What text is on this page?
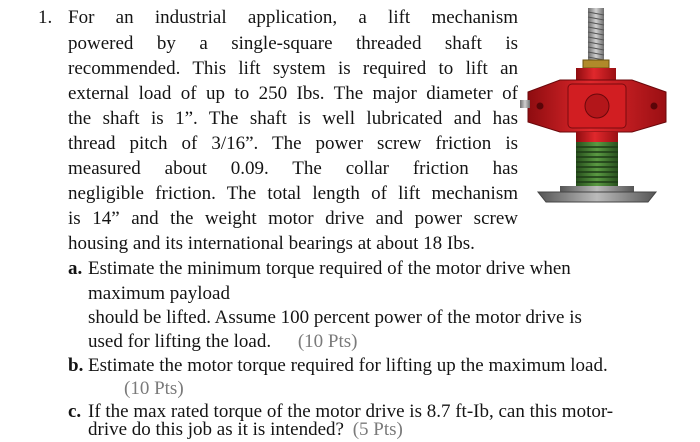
1. For an industrial application, a lift mechanism
powered by a single-square threaded shaft is
recommended. This lift system is required to lift an
external load of up to 250 Ibs. The major diameter of
the shaft is 1”. The shaft is well lubricated and has
thread pitch of 3/16”. The power screw friction is
measured about 0.09. The collar friction has
negligible friction. The total length of lift mechanism
is 14” and the weight motor drive and power screw
housing and its international bearings at about 18 Ibs.
a. Estimate the minimum torque required of the motor drive when
maximum payload
should be lifted. Assume 100 percent power of the motor drive is
used for lifting the load. (10 Pts)
b. Estimate the motor torque required for lifting up the maximum load.
(10 Pts)
c. If the max rated torque of the motor drive is 8.7 ft-Ib, can this motor-
drive do this job as it is intended? (5 Pts)
